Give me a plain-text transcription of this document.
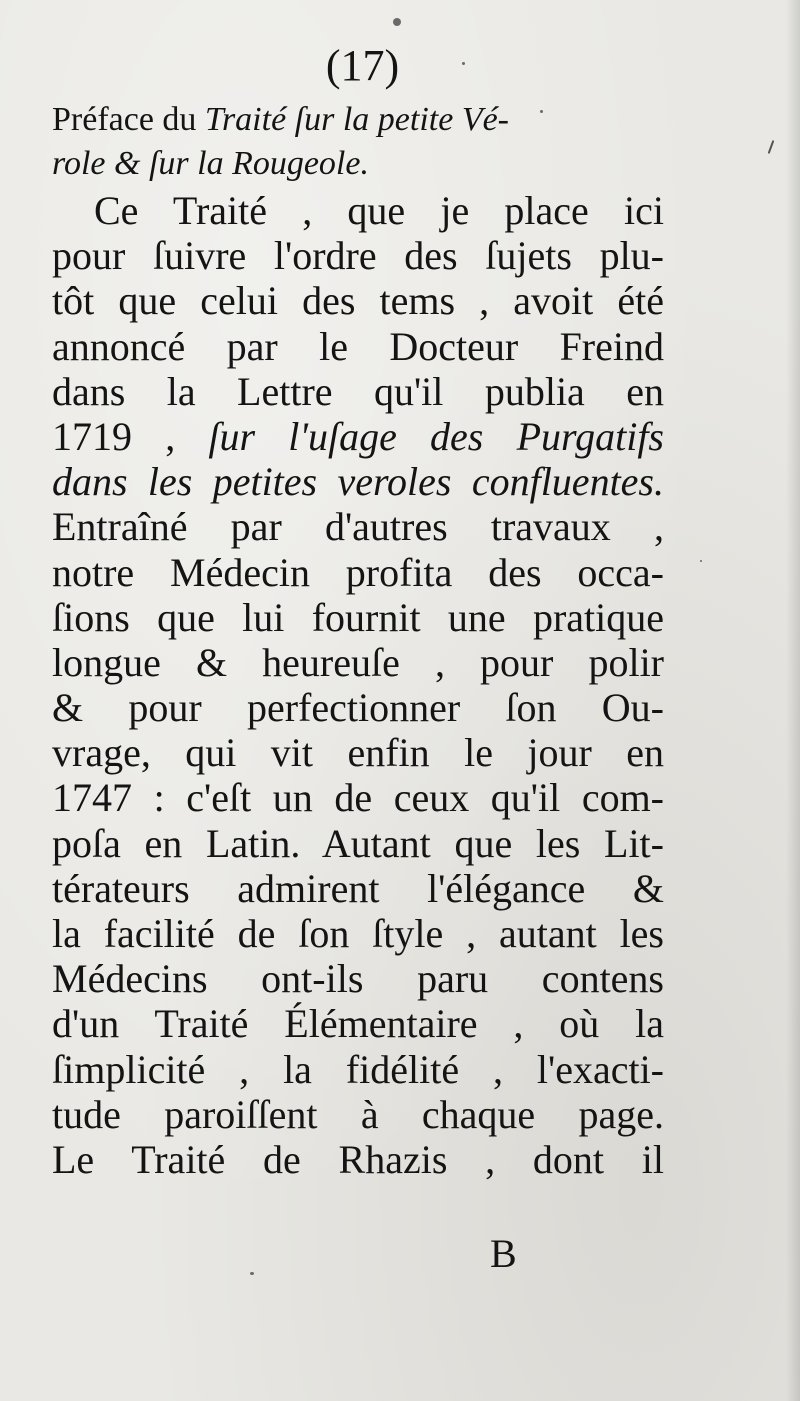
(17)
Préface du Traité ſur la petite Vé-
role & ſur la Rougeole.
Ce Traité , que je place ici
pour ſuivre l'ordre des ſujets plu-
tôt que celui des tems , avoit été
annoncé par le Docteur Freind
dans la Lettre qu'il publia en
1719 , ſur l'uſage des Purgatifs
dans les petites veroles confluentes.
Entraîné par d'autres travaux ,
notre Médecin profita des occa-
ſions que lui fournit une pratique
longue & heureuſe , pour polir
& pour perfectionner ſon Ou-
vrage, qui vit enfin le jour en
1747 : c'eſt un de ceux qu'il com-
poſa en Latin. Autant que les Lit-
térateurs admirent l'élégance &
la facilité de ſon ſtyle , autant les
Médecins ont-ils paru contens
d'un Traité Élémentaire , où la
ſimplicité , la fidélité , l'exacti-
tude paroiſſent à chaque page.
Le Traité de Rhazis , dont il
B
